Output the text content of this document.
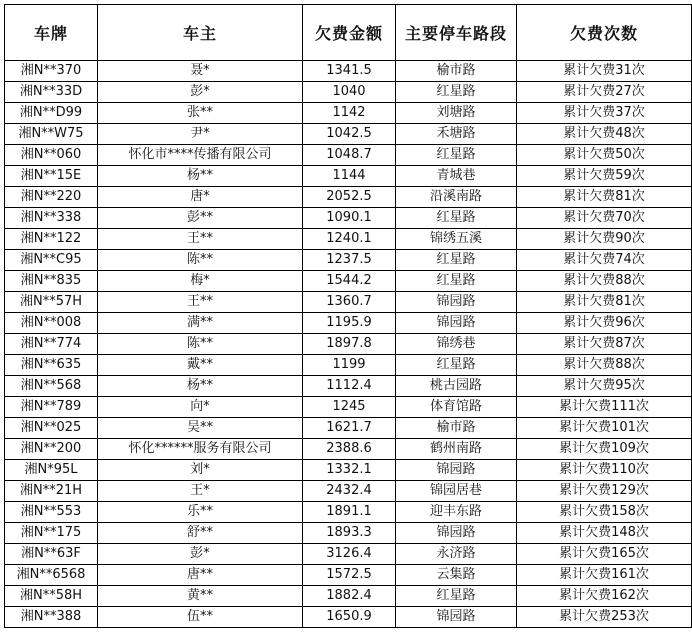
车牌	车主	欠费金额	主要停车路段	欠费次数
湘N**370	聂*	1341.5	榆市路	累计欠费31次
湘N**33D	彭*	1040	红星路	累计欠费27次
湘N**D99	张**	1142	刘塘路	累计欠费37次
湘N**W75	尹*	1042.5	禾塘路	累计欠费48次
湘N**060	怀化市****传播有限公司	1048.7	红星路	累计欠费50次
湘N**15E	杨**	1144	青城巷	累计欠费59次
湘N**220	唐*	2052.5	沿溪南路	累计欠费81次
湘N**338	彭**	1090.1	红星路	累计欠费70次
湘N**122	王**	1240.1	锦绣五溪	累计欠费90次
湘N**C95	陈**	1237.5	红星路	累计欠费74次
湘N**835	梅*	1544.2	红星路	累计欠费88次
湘N**57H	王**	1360.7	锦园路	累计欠费81次
湘N**008	满**	1195.9	锦园路	累计欠费96次
湘N**774	陈**	1897.8	锦绣巷	累计欠费87次
湘N**635	戴**	1199	红星路	累计欠费88次
湘N**568	杨**	1112.4	桃古园路	累计欠费95次
湘N**789	向*	1245	体育馆路	累计欠费111次
湘N**025	吴**	1621.7	榆市路	累计欠费101次
湘N**200	怀化******服务有限公司	2388.6	鹤州南路	累计欠费109次
湘N*95L	刘*	1332.1	锦园路	累计欠费110次
湘N**21H	王*	2432.4	锦园居巷	累计欠费129次
湘N**553	乐**	1891.1	迎丰东路	累计欠费158次
湘N**175	舒**	1893.3	锦园路	累计欠费148次
湘N**63F	彭*	3126.4	永济路	累计欠费165次
湘N**6568	唐**	1572.5	云集路	累计欠费161次
湘N**58H	黄**	1882.4	红星路	累计欠费162次
湘N**388	伍**	1650.9	锦园路	累计欠费253次
